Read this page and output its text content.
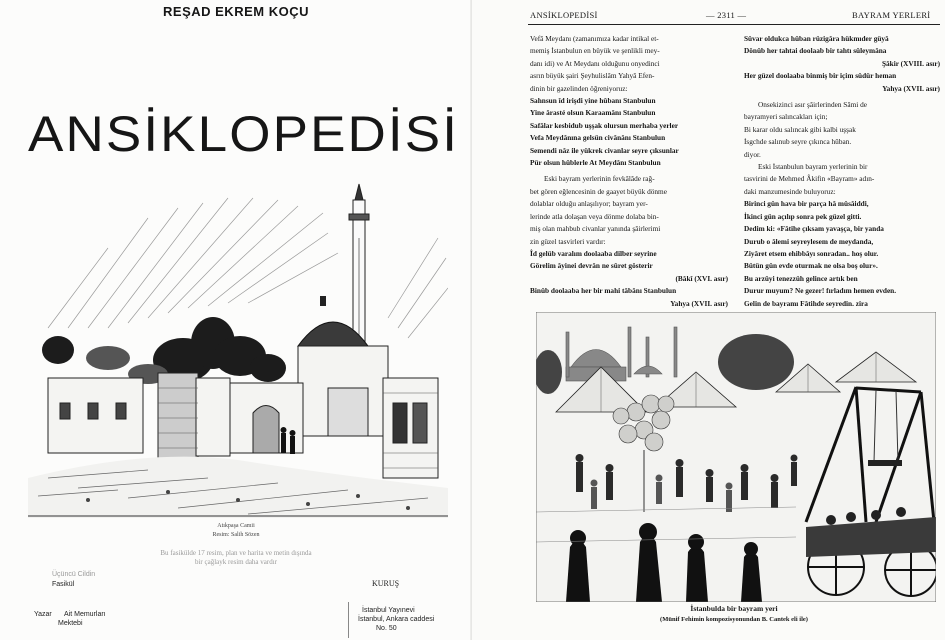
REŞAD EKREM KOÇU
ANSİKLOPEDİSİ
Atıkpaşa Camii
Resim: Salih Sözen
Bu fasikülde 17 resim, plan ve harita ve metin dışında
bir çağlayk resim daha vardır
Üçüncü Cildin
Fasikül	KURUŞ
Yazar Ait Memurları
Mektebi
İstanbul Yayınevi
İstanbul, Ankara caddesi
No. 50
ANSİKLOPEDİSİ	— 2311 —	BAYRAM YERLERİ

Vefâ Meydanı (zamanımıza kadar intikal et-

memiş İstanbulun en büyük ve şenlikli mey-

danı idi) ve At Meydanı olduğunu onyedinci

asrın büyük şairi Şeyhulislâm Yahyâ Efen-

dinin bir gazelinden öğreniyoruz:

Sahnsun îd irişdi yine hûbanı Stanbulun

Yine ârasté olsun Karaamânı Stanbulun

Safâlar kesbidub uşşak olursun merhaba yerler

Vefa Meydânına gelsün civânânı Stanbulun

Semendi nâz ile yükrek civanlar seyre çıksunlar

Pür olsun hûblerle At Meydânı Stanbulun

Eski bayram yerlerinin fevkâlâde rağ-

bet gören eğlencesinin de gaayet büyük dönme

dolablar olduğu anlaşılıyor; bayram yer-

lerinde atla dolaşan veya dönme dolaba bin-

miş olan mahbub civanlar yanında şâirlerimi

zin güzel tasvirleri vardır:

Îd gelüb varalım doolaaba dilber seyrine

Görelim âyinei devrân ne sûret gösterir

(Bâkî (XVI. asır)

Binüb doolaaba her bir mahi tâbânı Stanbulun

Yahya (XVII. asır)

Süvar oldukca hûban rüzigâra hükmıder güyâ

Dönüb her tahtai doolaab bir tahtı süleymâna

Şâkir (XVIII. asır)

Her güzel doolaaba binmiş bir içim südür heman

Yahya (XVII. asır)

Onsekizinci asır şâirlerinden Sâmi de

bayramyeri salıncakları için;

Bi karar oldu salıncak gibi kalbi uşşak

İsgchde salınub seyre çıkınca hûban.

diyor.

Eski İstanbulun bayram yerlerinin bir

tasvirini de Mehmed Âkifin «Bayram» adın-

daki manzumesinde buluyoruz:

Birinci gün hava bir parça hâ müsâiddi,

İkinci gün açılıp sonra pek güzel gitti.

Dedim ki: «Fâtihe çıksam yavaşça, bir yanda

Durub o âlemi seyreylesem de meydanda,

Ziyâret etsem ehibbâyı sonradan.. hoş olur.

Bütün gün evde oturmak ne olsa boş olur».

Bu arzûyi tenezzüh gelince artık ben

Durur muyum? Ne gezer! fırladım hemen evden.

Gelin de bayramı Fâtihde seyredin. zira

İstanbulda bir bayram yeri
(Münif Fehimin kompozisyonundan B. Cantek eli ile)
